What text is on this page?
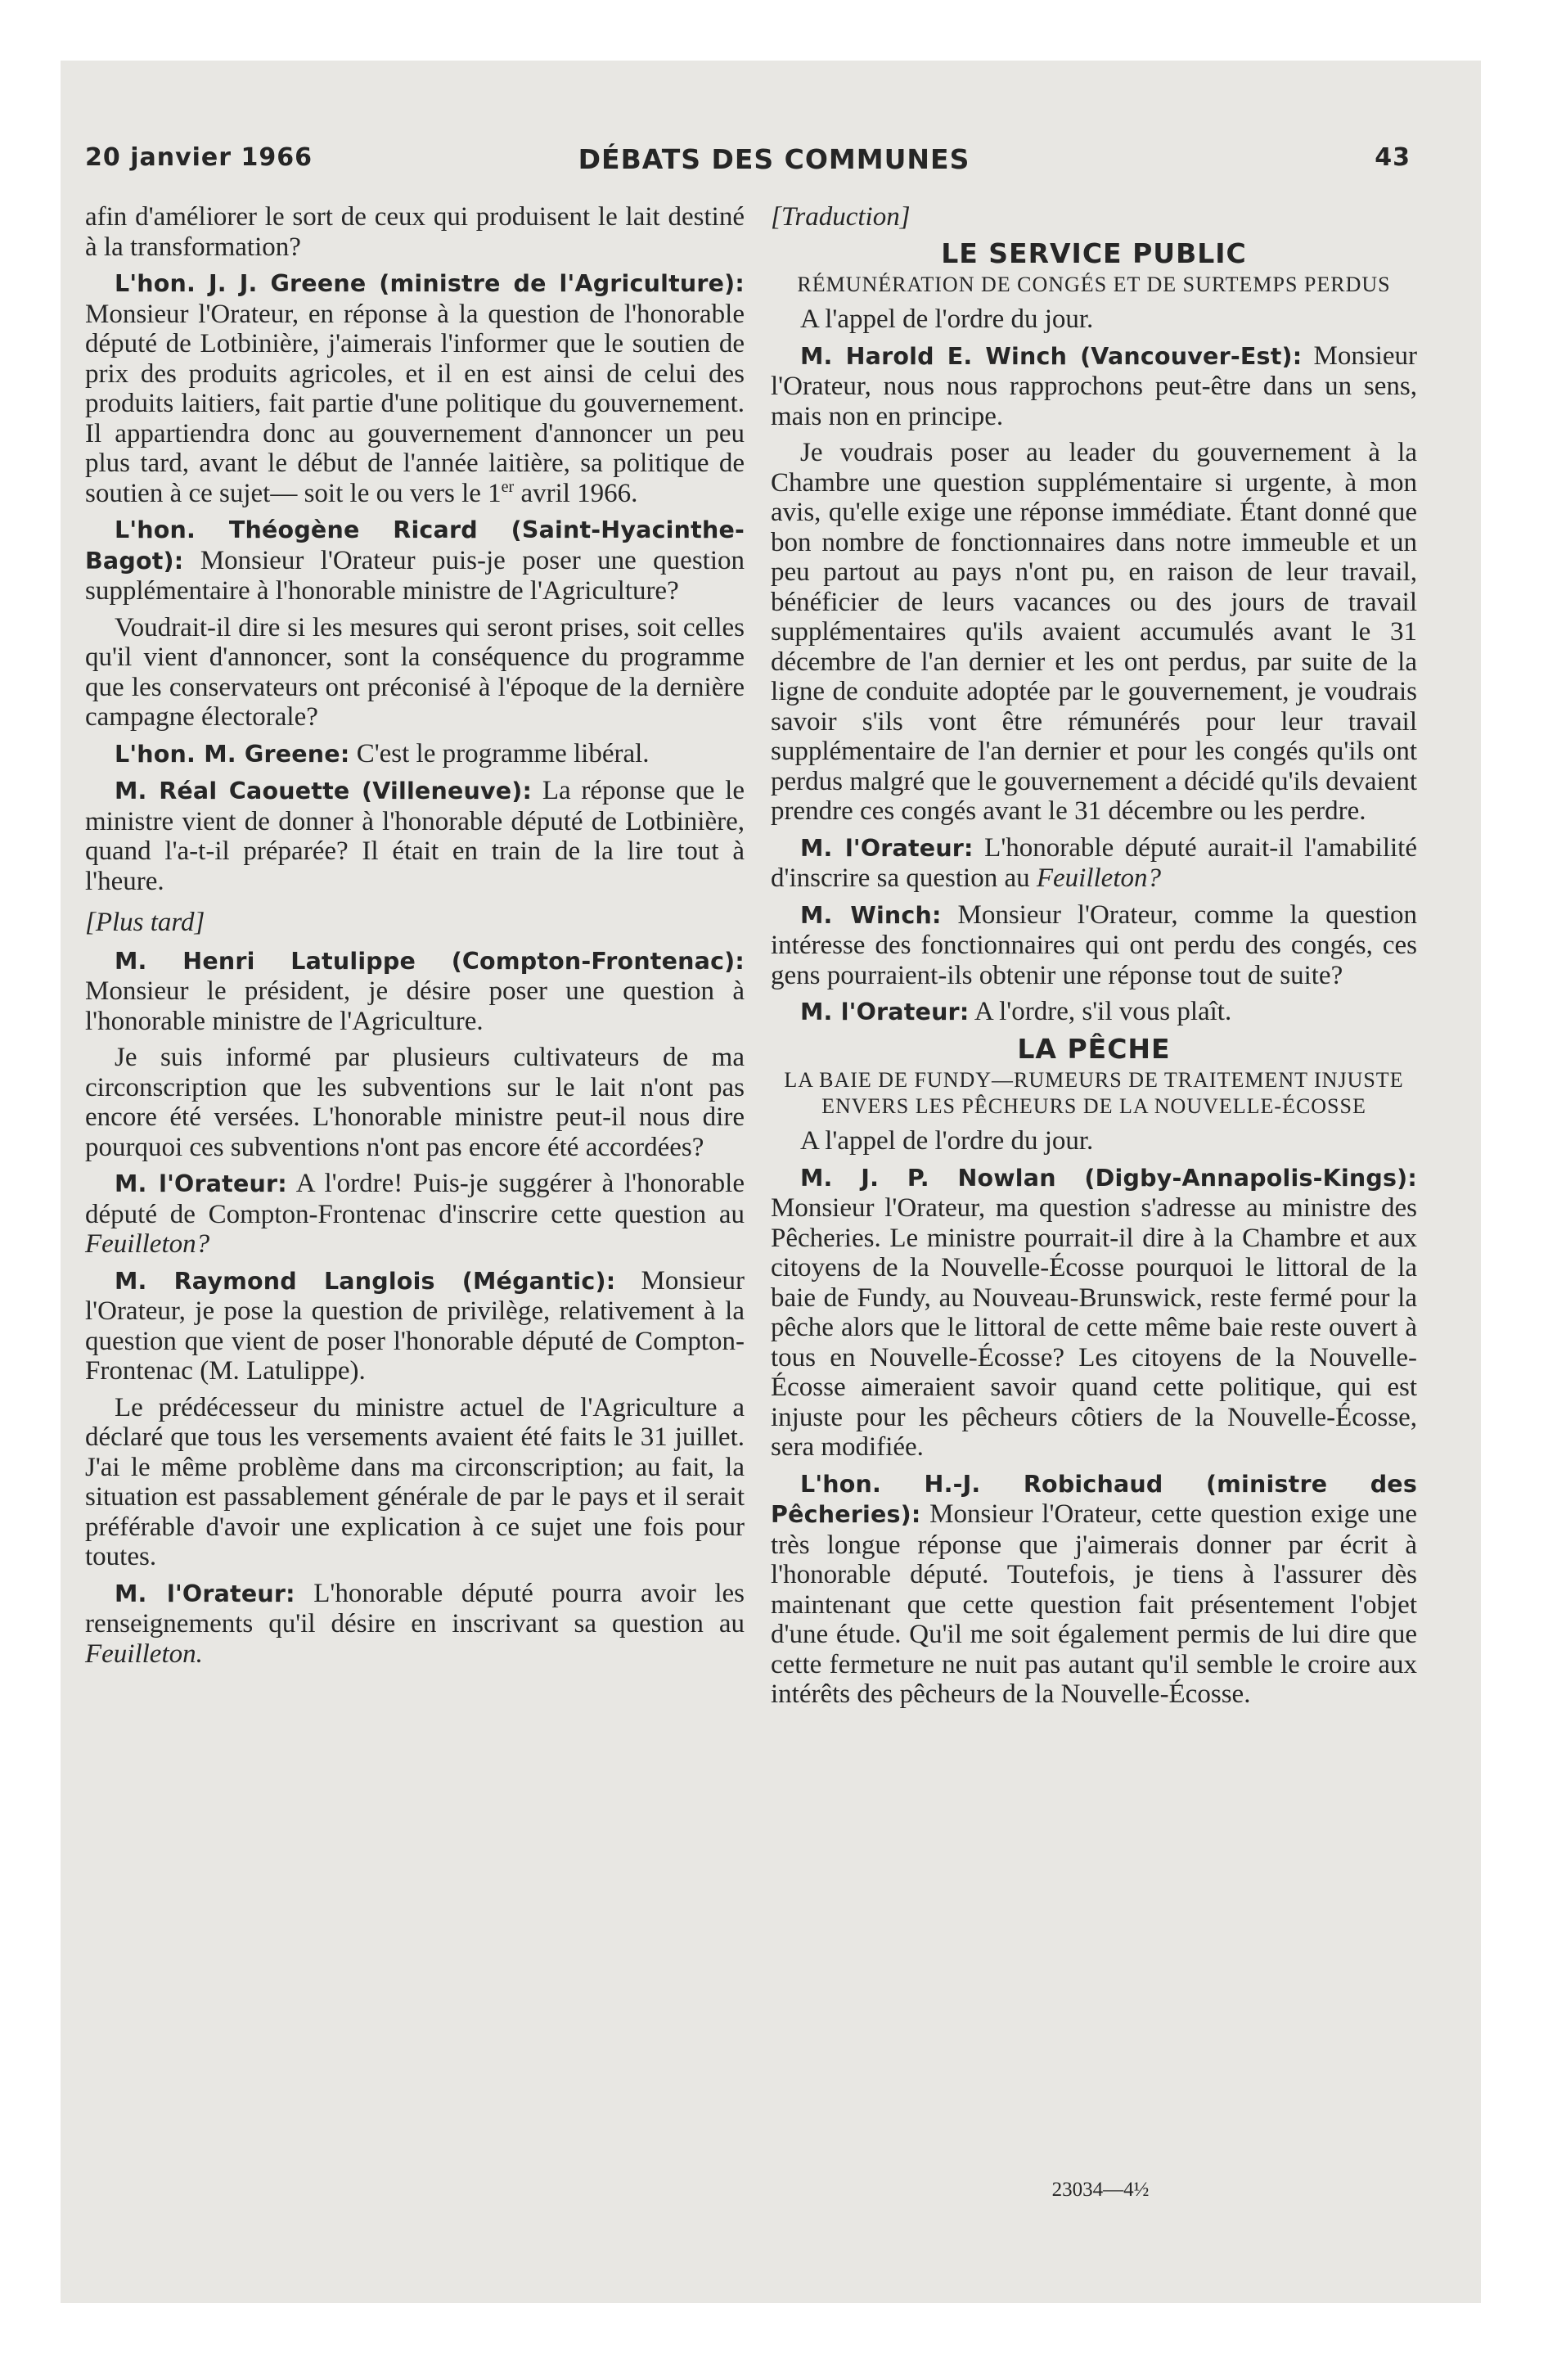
20 janvier 1966	DÉBATS DES COMMUNES	43

afin d'améliorer le sort de ceux qui produisent le lait destiné à la transformation?

L'hon. J. J. Greene (ministre de l'Agriculture): Monsieur l'Orateur, en réponse à la question de l'honorable député de Lotbinière, j'aimerais l'informer que le soutien de prix des produits agricoles, et il en est ainsi de celui des produits laitiers, fait partie d'une politique du gouvernement. Il appartiendra donc au gouvernement d'annoncer un peu plus tard, avant le début de l'année laitière, sa politique de soutien à ce sujet— soit le ou vers le 1er avril 1966.

L'hon. Théogène Ricard (Saint-Hyacinthe-Bagot): Monsieur l'Orateur puis-je poser une question supplémentaire à l'honorable ministre de l'Agriculture?

Voudrait-il dire si les mesures qui seront prises, soit celles qu'il vient d'annoncer, sont la conséquence du programme que les conservateurs ont préconisé à l'époque de la dernière campagne électorale?

L'hon. M. Greene: C'est le programme libéral.

M. Réal Caouette (Villeneuve): La réponse que le ministre vient de donner à l'honorable député de Lotbinière, quand l'a-t-il préparée? Il était en train de la lire tout à l'heure.

[Plus tard]

M. Henri Latulippe (Compton-Frontenac): Monsieur le président, je désire poser une question à l'honorable ministre de l'Agriculture.

Je suis informé par plusieurs cultivateurs de ma circonscription que les subventions sur le lait n'ont pas encore été versées. L'honorable ministre peut-il nous dire pourquoi ces subventions n'ont pas encore été accordées?

M. l'Orateur: A l'ordre! Puis-je suggérer à l'honorable député de Compton-Frontenac d'inscrire cette question au Feuilleton?

M. Raymond Langlois (Mégantic): Monsieur l'Orateur, je pose la question de privilège, relativement à la question que vient de poser l'honorable député de Compton-Frontenac (M. Latulippe).

Le prédécesseur du ministre actuel de l'Agriculture a déclaré que tous les versements avaient été faits le 31 juillet. J'ai le même problème dans ma circonscription; au fait, la situation est passablement générale de par le pays et il serait préférable d'avoir une explication à ce sujet une fois pour toutes.

M. l'Orateur: L'honorable député pourra avoir les renseignements qu'il désire en inscrivant sa question au Feuilleton.

[Traduction]

LE SERVICE PUBLIC
RÉMUNÉRATION DE CONGÉS ET DE SURTEMPS PERDUS

A l'appel de l'ordre du jour.

M. Harold E. Winch (Vancouver-Est): Monsieur l'Orateur, nous nous rapprochons peut-être dans un sens, mais non en principe.

Je voudrais poser au leader du gouvernement à la Chambre une question supplémentaire si urgente, à mon avis, qu'elle exige une réponse immédiate. Étant donné que bon nombre de fonctionnaires dans notre immeuble et un peu partout au pays n'ont pu, en raison de leur travail, bénéficier de leurs vacances ou des jours de travail supplémentaires qu'ils avaient accumulés avant le 31 décembre de l'an dernier et les ont perdus, par suite de la ligne de conduite adoptée par le gouvernement, je voudrais savoir s'ils vont être rémunérés pour leur travail supplémentaire de l'an dernier et pour les congés qu'ils ont perdus malgré que le gouvernement a décidé qu'ils devaient prendre ces congés avant le 31 décembre ou les perdre.

M. l'Orateur: L'honorable député aurait-il l'amabilité d'inscrire sa question au Feuilleton?

M. Winch: Monsieur l'Orateur, comme la question intéresse des fonctionnaires qui ont perdu des congés, ces gens pourraient-ils obtenir une réponse tout de suite?

M. l'Orateur: A l'ordre, s'il vous plaît.

LA PÊCHE
LA BAIE DE FUNDY—RUMEURS DE TRAITEMENT INJUSTE ENVERS LES PÊCHEURS DE LA NOUVELLE-ÉCOSSE

A l'appel de l'ordre du jour.

M. J. P. Nowlan (Digby-Annapolis-Kings): Monsieur l'Orateur, ma question s'adresse au ministre des Pêcheries. Le ministre pourrait-il dire à la Chambre et aux citoyens de la Nouvelle-Écosse pourquoi le littoral de la baie de Fundy, au Nouveau-Brunswick, reste fermé pour la pêche alors que le littoral de cette même baie reste ouvert à tous en Nouvelle-Écosse? Les citoyens de la Nouvelle-Écosse aimeraient savoir quand cette politique, qui est injuste pour les pêcheurs côtiers de la Nouvelle-Écosse, sera modifiée.

L'hon. H.-J. Robichaud (ministre des Pêcheries): Monsieur l'Orateur, cette question exige une très longue réponse que j'aimerais donner par écrit à l'honorable député. Toutefois, je tiens à l'assurer dès maintenant que cette question fait présentement l'objet d'une étude. Qu'il me soit également permis de lui dire que cette fermeture ne nuit pas autant qu'il semble le croire aux intérêts des pêcheurs de la Nouvelle-Écosse.

23034—4½
